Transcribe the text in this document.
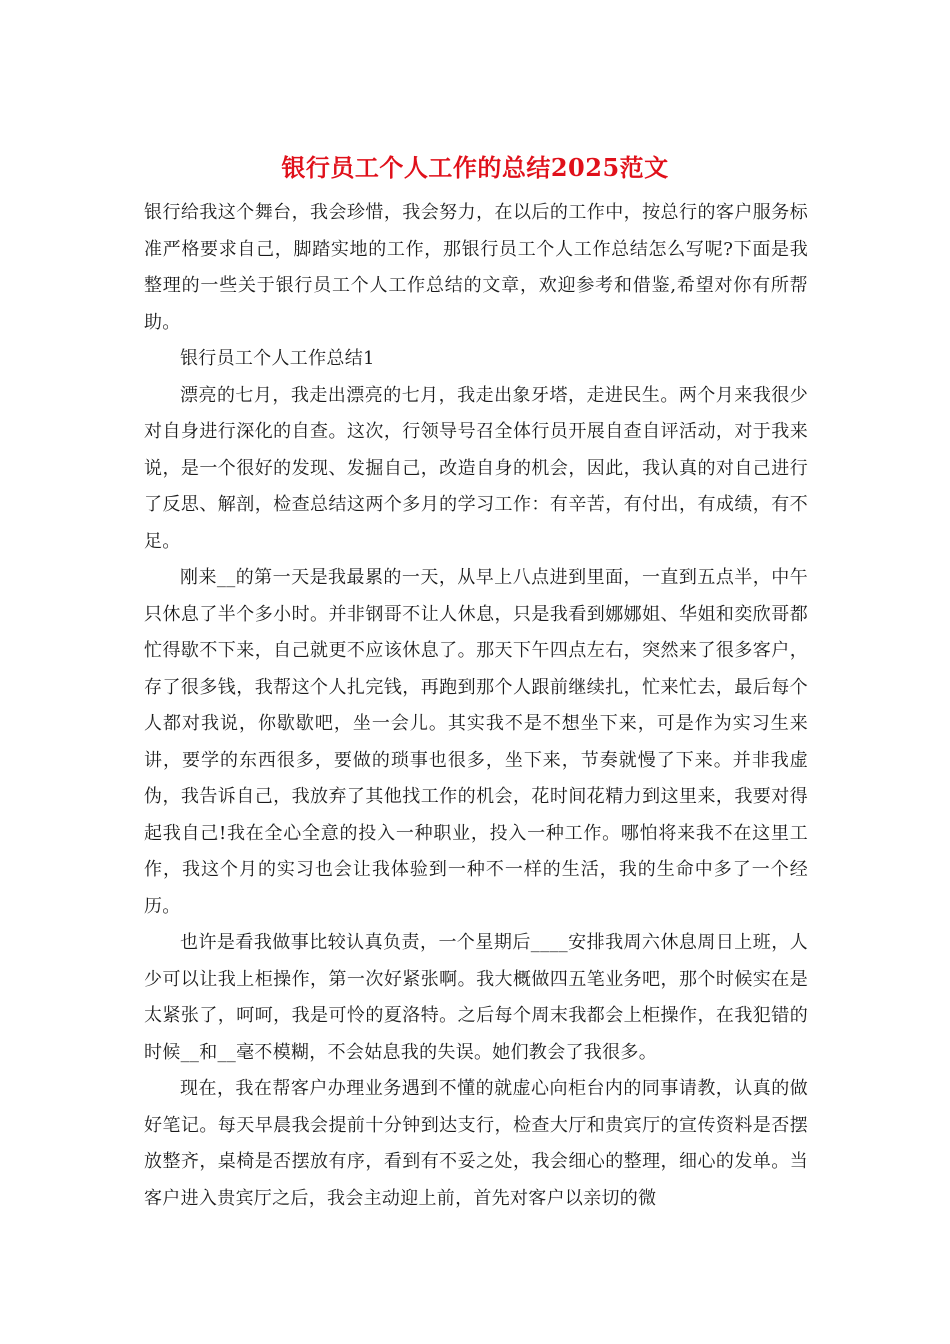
银行员工个人工作的总结2025范文

银行给我这个舞台，我会珍惜，我会努力，在以后的工作中，按总行的客户服务标准严格要求自己，脚踏实地的工作，那银行员工个人工作总结怎么写呢?下面是我整理的一些关于银行员工个人工作总结的文章，欢迎参考和借鉴,希望对你有所帮助。

银行员工个人工作总结1

漂亮的七月，我走出漂亮的七月，我走出象牙塔，走进民生。两个月来我很少对自身进行深化的自查。这次，行领导号召全体行员开展自查自评活动，对于我来说，是一个很好的发现、发掘自己，改造自身的机会，因此，我认真的对自己进行了反思、解剖，检查总结这两个多月的学习工作：有辛苦，有付出，有成绩，有不足。

刚来__的第一天是我最累的一天，从早上八点进到里面，一直到五点半，中午只休息了半个多小时。并非钢哥不让人休息，只是我看到娜娜姐、华姐和奕欣哥都忙得歇不下来，自己就更不应该休息了。那天下午四点左右，突然来了很多客户，存了很多钱，我帮这个人扎完钱，再跑到那个人跟前继续扎，忙来忙去，最后每个人都对我说，你歇歇吧，坐一会儿。其实我不是不想坐下来，可是作为实习生来讲，要学的东西很多，要做的琐事也很多，坐下来，节奏就慢了下来。并非我虚伪，我告诉自己，我放弃了其他找工作的机会，花时间花精力到这里来，我要对得起我自己!我在全心全意的投入一种职业，投入一种工作。哪怕将来我不在这里工作，我这个月的实习也会让我体验到一种不一样的生活，我的生命中多了一个经历。

也许是看我做事比较认真负责，一个星期后____安排我周六休息周日上班，人少可以让我上柜操作，第一次好紧张啊。我大概做四五笔业务吧，那个时候实在是太紧张了，呵呵，我是可怜的夏洛特。之后每个周末我都会上柜操作，在我犯错的时候__和__毫不模糊，不会姑息我的失误。她们教会了我很多。

现在，我在帮客户办理业务遇到不懂的就虚心向柜台内的同事请教，认真的做好笔记。每天早晨我会提前十分钟到达支行，检查大厅和贵宾厅的宣传资料是否摆放整齐，桌椅是否摆放有序，看到有不妥之处，我会细心的整理，细心的发单。当客户进入贵宾厅之后，我会主动迎上前，首先对客户以亲切的微
